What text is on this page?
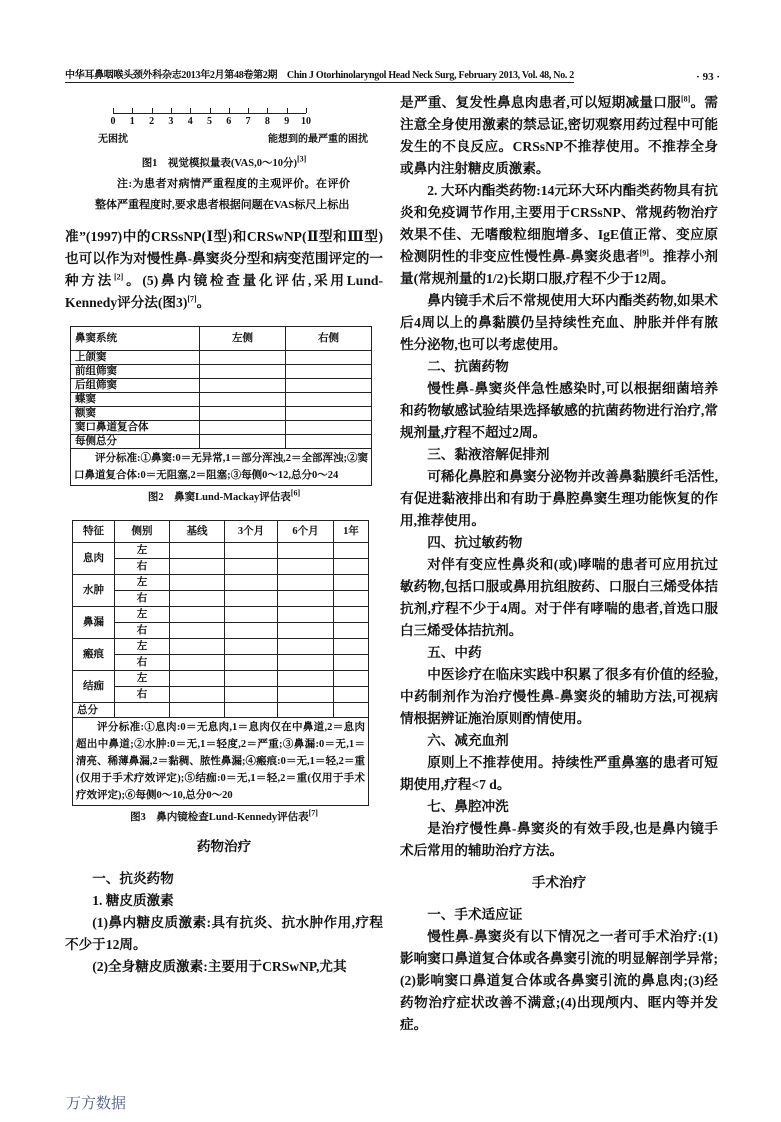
中华耳鼻咽喉头颈外科杂志2013年2月第48卷第2期　Chin J Otorhinolaryngol Head Neck Surg, February 2013, Vol. 48, No. 2	· 93 ·
0 1 2 3 4 5 6 7 8 9 10
无困扰	能想到的最严重的困扰
图1　视觉模拟量表(VAS,0～10分)[3]
注:为患者对病情严重程度的主观评价。在评价整体严重程度时,要求患者根据问题在VAS标尺上标出

准”(1997)中的CRSsNP(Ⅰ型)和CRSwNP(Ⅱ型和Ⅲ型)也可以作为对慢性鼻-鼻窦炎分型和病变范围评定的一种方法[2]。(5)鼻内镜检查量化评估,采用Lund-Kennedy评分法(图3)[7]。

鼻窦系统	左侧	右侧
上颌窦		
前组筛窦		
后组筛窦		
蝶窦		
额窦		
窦口鼻道复合体		
每侧总分		
评分标准:①鼻窦:0＝无异常,1＝部分浑浊,2＝全部浑浊;②窦口鼻道复合体:0＝无阻塞,2＝阻塞;③每侧0～12,总分0～24		
图2　鼻窦Lund-Mackay评估表[6]
特征	侧别	基线	3个月	6个月	1年
息肉	左				
	右				
水肿	左				
	右				
鼻漏	左				
	右				
瘢痕	左				
	右				
结痂	左				
	右				
总分					
评分标准:①息肉:0＝无息肉,1＝息肉仅在中鼻道,2＝息肉超出中鼻道;②水肿:0＝无,1＝轻度,2＝严重;③鼻漏:0＝无,1＝清亮、稀薄鼻漏,2＝黏稠、脓性鼻漏;④瘢痕:0＝无,1＝轻,2＝重(仅用于手术疗效评定);⑤结痂:0＝无,1＝轻,2＝重(仅用于手术疗效评定);⑥每侧0～10,总分0～20					
图3　鼻内镜检查Lund-Kennedy评估表[7]
药物治疗
一、抗炎药物
1. 糖皮质激素

(1)鼻内糖皮质激素:具有抗炎、抗水肿作用,疗程不少于12周。

(2)全身糖皮质激素:主要用于CRSwNP,尤其

是严重、复发性鼻息肉患者,可以短期减量口服[8]。需注意全身使用激素的禁忌证,密切观察用药过程中可能发生的不良反应。CRSsNP不推荐使用。不推荐全身或鼻内注射糖皮质激素。

2. 大环内酯类药物:14元环大环内酯类药物具有抗炎和免疫调节作用,主要用于CRSsNP、常规药物治疗效果不佳、无嗜酸粒细胞增多、IgE值正常、变应原检测阴性的非变应性慢性鼻-鼻窦炎患者[9]。推荐小剂量(常规剂量的1/2)长期口服,疗程不少于12周。

鼻内镜手术后不常规使用大环内酯类药物,如果术后4周以上的鼻黏膜仍呈持续性充血、肿胀并伴有脓性分泌物,也可以考虑使用。

二、抗菌药物

慢性鼻-鼻窦炎伴急性感染时,可以根据细菌培养和药物敏感试验结果选择敏感的抗菌药物进行治疗,常规剂量,疗程不超过2周。

三、黏液溶解促排剂

可稀化鼻腔和鼻窦分泌物并改善鼻黏膜纤毛活性,有促进黏液排出和有助于鼻腔鼻窦生理功能恢复的作用,推荐使用。

四、抗过敏药物

对伴有变应性鼻炎和(或)哮喘的患者可应用抗过敏药物,包括口服或鼻用抗组胺药、口服白三烯受体拮抗剂,疗程不少于4周。对于伴有哮喘的患者,首选口服白三烯受体拮抗剂。

五、中药

中医诊疗在临床实践中积累了很多有价值的经验,中药制剂作为治疗慢性鼻-鼻窦炎的辅助方法,可视病情根据辨证施治原则酌情使用。

六、减充血剂

原则上不推荐使用。持续性严重鼻塞的患者可短期使用,疗程<7 d。

七、鼻腔冲洗

是治疗慢性鼻-鼻窦炎的有效手段,也是鼻内镜手术后常用的辅助治疗方法。

手术治疗
一、手术适应证

慢性鼻-鼻窦炎有以下情况之一者可手术治疗:(1)影响窦口鼻道复合体或各鼻窦引流的明显解剖学异常;(2)影响窦口鼻道复合体或各鼻窦引流的鼻息肉;(3)经药物治疗症状改善不满意;(4)出现颅内、眶内等并发症。

万方数据
